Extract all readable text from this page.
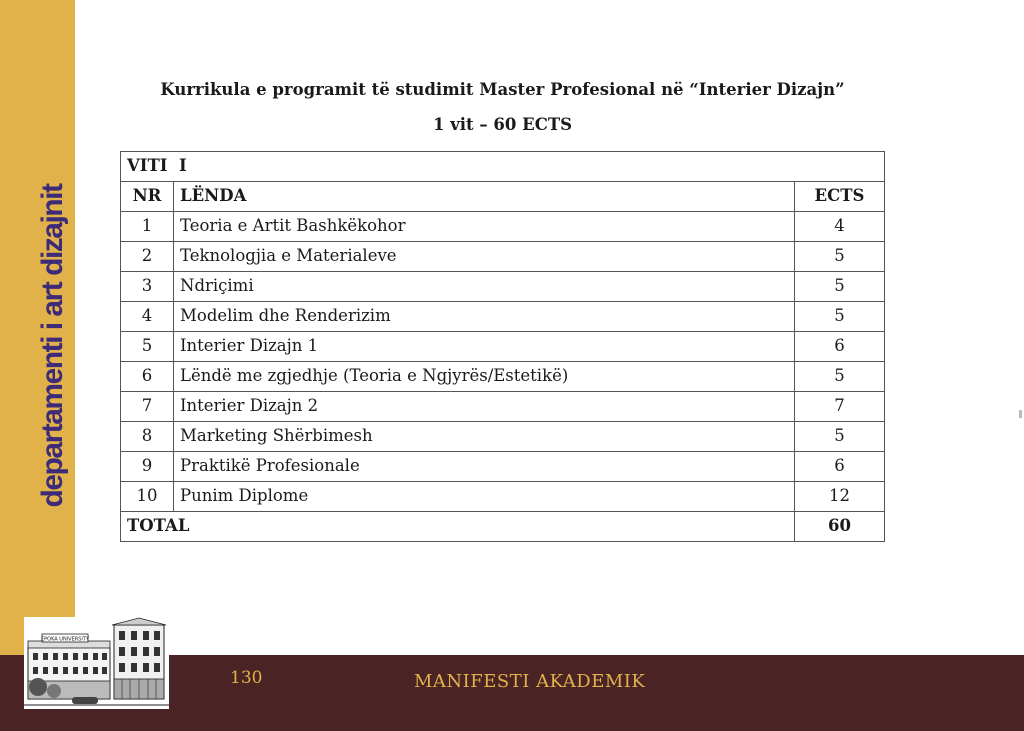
departamenti i art dizajnit
Kurrikula e programit të studimit Master Profesional në “Interier Dizajn”
1 vit – 60 ECTS
VITI I		
NR	LËNDA	ECTS
1	Teoria e Artit Bashkëkohor	4
2	Teknologjia e Materialeve	5
3	Ndriçimi	5
4	Modelim dhe Renderizim	5
5	Interier Dizajn 1	6
6	Lëndë me zgjedhje (Teoria e Ngjyrës/Estetikë)	5
7	Interier Dizajn 2	7
8	Marketing Shërbimesh	5
9	Praktikë Profesionale	6
10	Punim Diplome	12
TOTAL		60
130	MANIFESTI AKADEMIK
EPOKA UNIVERSITY
